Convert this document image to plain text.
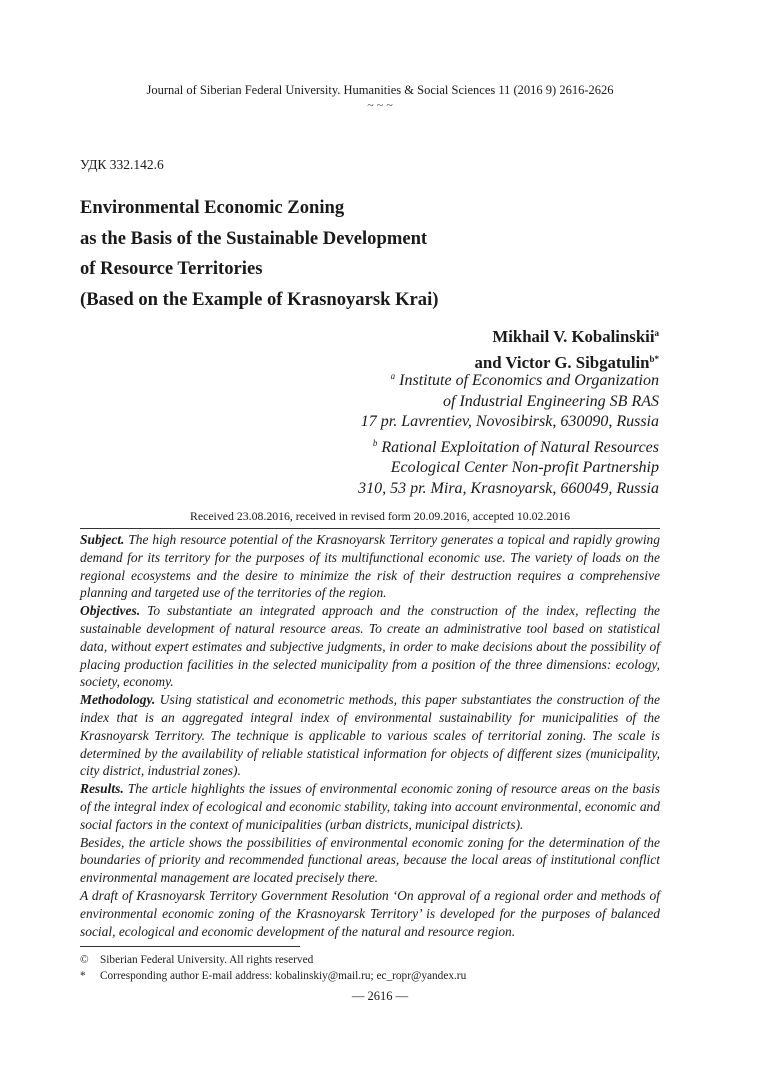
Journal of Siberian Federal University. Humanities & Social Sciences 11 (2016 9) 2616-2626
~ ~ ~
УДК 332.142.6
Environmental Economic Zoning
as the Basis of the Sustainable Development
of Resource Territories
(Based on the Example of Krasnoyarsk Krai)
Mikhail V. Kobalinskii$^a$
and Victor G. Sibgatulin$^{b*}$
$^a$ Institute of Economics and Organization
of Industrial Engineering SB RAS
17 pr. Lavrentiev, Novosibirsk, 630090, Russia
$^b$ Rational Exploitation of Natural Resources
Ecological Center Non-profit Partnership
310, 53 pr. Mira, Krasnoyarsk, 660049, Russia
Received 23.08.2016, received in revised form 20.09.2016, accepted 10.02.2016

Subject. The high resource potential of the Krasnoyarsk Territory generates a topical and rapidly growing demand for its territory for the purposes of its multifunctional economic use. The variety of loads on the regional ecosystems and the desire to minimize the risk of their destruction requires a comprehensive planning and targeted use of the territories of the region.

Objectives. To substantiate an integrated approach and the construction of the index, reflecting the sustainable development of natural resource areas. To create an administrative tool based on statistical data, without expert estimates and subjective judgments, in order to make decisions about the possibility of placing production facilities in the selected municipality from a position of the three dimensions: ecology, society, economy.

Methodology. Using statistical and econometric methods, this paper substantiates the construction of the index that is an aggregated integral index of environmental sustainability for municipalities of the Krasnoyarsk Territory. The technique is applicable to various scales of territorial zoning. The scale is determined by the availability of reliable statistical information for objects of different sizes (municipality, city district, industrial zones).

Results. The article highlights the issues of environmental economic zoning of resource areas on the basis of the integral index of ecological and economic stability, taking into account environmental, economic and social factors in the context of municipalities (urban districts, municipal districts).

Besides, the article shows the possibilities of environmental economic zoning for the determination of the boundaries of priority and recommended functional areas, because the local areas of institutional conflict environmental management are located precisely there.

A draft of Krasnoyarsk Territory Government Resolution ‘On approval of a regional order and methods of environmental economic zoning of the Krasnoyarsk Territory’ is developed for the purposes of balanced social, ecological and economic development of the natural and resource region.

© Siberian Federal University. All rights reserved
* Corresponding author E-mail address: kobalinskiy@mail.ru; ec_ropr@yandex.ru
— 2616 —
